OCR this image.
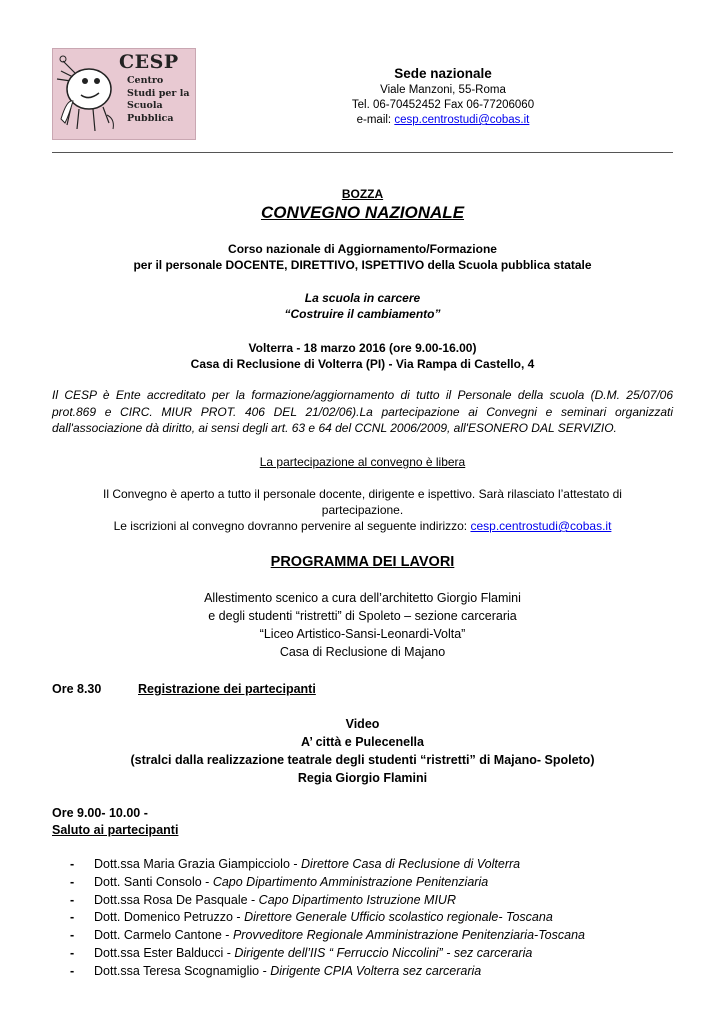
CESP
Centro Studi per la Scuola Pubblica
Sede nazionale
Viale Manzoni, 55-Roma
Tel. 06-70452452 Fax 06-77206060
e-mail: cesp.centrostudi@cobas.it
BOZZA
CONVEGNO NAZIONALE
Corso nazionale di Aggiornamento/Formazione
per il personale DOCENTE, DIRETTIVO, ISPETTIVO della Scuola pubblica statale
La scuola in carcere
“Costruire il cambiamento”
Volterra - 18 marzo 2016 (ore 9.00-16.00)
Casa di Reclusione di Volterra (PI) - Via Rampa di Castello, 4
Il CESP è Ente accreditato per la formazione/aggiornamento di tutto il Personale della scuola (D.M. 25/07/06 prot.869 e CIRC. MIUR PROT. 406 DEL 21/02/06).La partecipazione ai Convegni e seminari organizzati dall'associazione dà diritto, ai sensi degli art. 63 e 64 del CCNL 2006/2009, all'ESONERO DAL SERVIZIO.
La partecipazione al convegno è libera
Il Convegno è aperto a tutto il personale docente, dirigente e ispettivo. Sarà rilasciato l’attestato di
partecipazione.
Le iscrizioni al convegno dovranno pervenire al seguente indirizzo: cesp.centrostudi@cobas.it
PROGRAMMA DEI LAVORI
Allestimento scenico a cura dell’architetto Giorgio Flamini
e degli studenti “ristretti” di Spoleto – sezione carceraria
“Liceo Artistico-Sansi-Leonardi-Volta”
Casa di Reclusione di Majano
Ore 8.30	Registrazione dei partecipanti
Video
A’ città e Pulecenella
(stralci dalla realizzazione teatrale degli studenti “ristretti” di Majano- Spoleto)
Regia Giorgio Flamini
Ore 9.00- 10.00 -
Saluto ai partecipanti
- Dott.ssa Maria Grazia Giampicciolo - Direttore Casa di Reclusione di Volterra
- Dott. Santi Consolo - Capo Dipartimento Amministrazione Penitenziaria
- Dott.ssa Rosa De Pasquale - Capo Dipartimento Istruzione MIUR
- Dott. Domenico Petruzzo - Direttore Generale Ufficio scolastico regionale- Toscana
- Dott. Carmelo Cantone - Provveditore Regionale Amministrazione Penitenziaria-Toscana
- Dott.ssa Ester Balducci - Dirigente dell’IIS “ Ferruccio Niccolini” - sez carceraria
- Dott.ssa Teresa Scognamiglio - Dirigente CPIA Volterra sez carceraria
